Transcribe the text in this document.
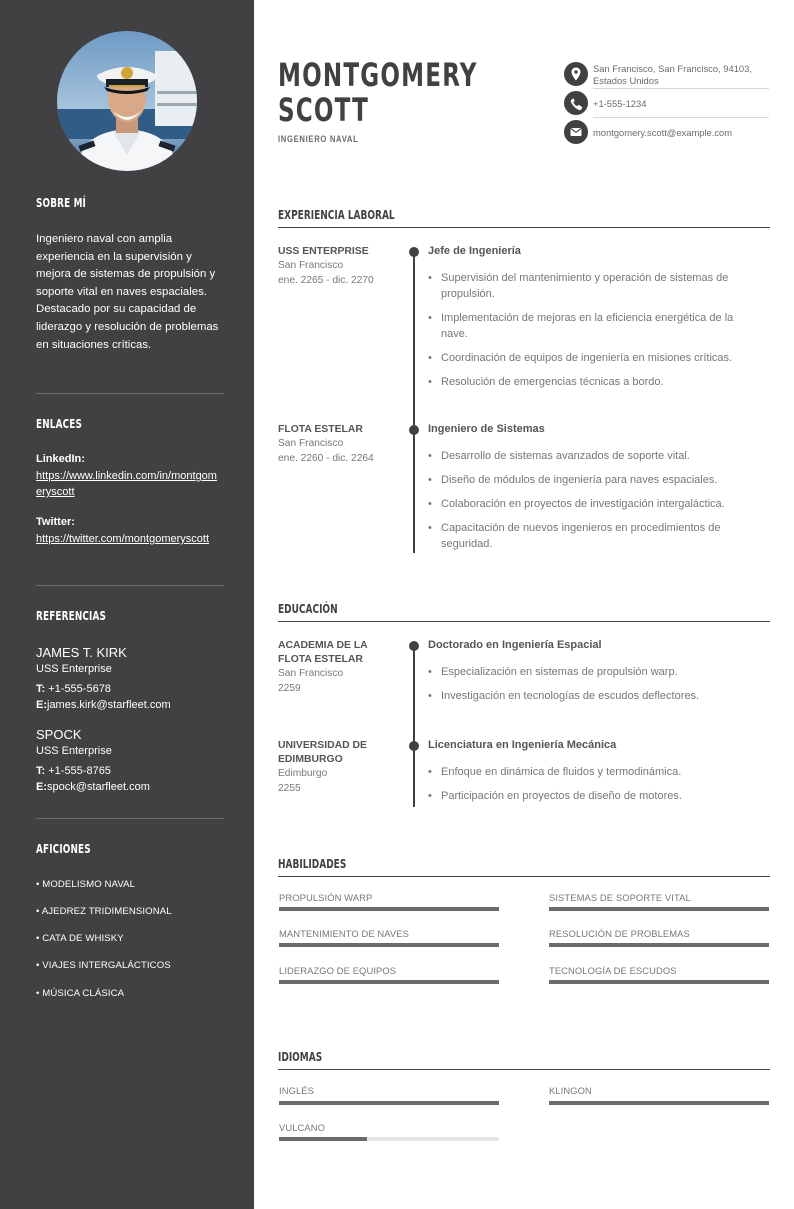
SOBRE MÍ
Ingeniero naval con amplia experiencia en la supervisión y mejora de sistemas de propulsión y soporte vital en naves espaciales. Destacado por su capacidad de liderazgo y resolución de problemas en situaciones críticas.
ENLACES
LinkedIn:
https://www.linkedin.com/in/montgomeryscott
Twitter:
https://twitter.com/montgomeryscott
REFERENCIAS
JAMES T. KIRK
USS Enterprise
T: +1-555-5678
E:james.kirk@starfleet.com
SPOCK
USS Enterprise
T: +1-555-8765
E:spock@starfleet.com
AFICIONES
• MODELISMO NAVAL
• AJEDREZ TRIDIMENSIONAL
• CATA DE WHISKY
• VIAJES INTERGALÁCTICOS
• MÚSICA CLÁSICA
MONTGOMERY
SCOTT
INGENIERO NAVAL
San Francisco, San Francisco, 94103, Estados Unidos
+1-555-1234
montgomery.scott@example.com
EXPERIENCIA LABORAL
USS ENTERPRISE
San Francisco
ene. 2265 - dic. 2270
Jefe de Ingeniería
• Supervisión del mantenimiento y operación de sistemas de propulsión.
• Implementación de mejoras en la eficiencia energética de la nave.
• Coordinación de equipos de ingeniería en misiones críticas.
• Resolución de emergencias técnicas a bordo.
FLOTA ESTELAR
San Francisco
ene. 2260 - dic. 2264
Ingeniero de Sistemas
• Desarrollo de sistemas avanzados de soporte vital.
• Diseño de módulos de ingeniería para naves espaciales.
• Colaboración en proyectos de investigación intergaláctica.
• Capacitación de nuevos ingenieros en procedimientos de seguridad.
EDUCACIÓN
ACADEMIA DE LA FLOTA ESTELAR
San Francisco
2259
Doctorado en Ingeniería Espacial
• Especialización en sistemas de propulsión warp.
• Investigación en tecnologías de escudos deflectores.
UNIVERSIDAD DE EDIMBURGO
Edimburgo
2255
Licenciatura en Ingeniería Mecánica
• Enfoque en dinámica de fluidos y termodinámica.
• Participación en proyectos de diseño de motores.
HABILIDADES
PROPULSIÓN WARP	SISTEMAS DE SOPORTE VITAL
MANTENIMIENTO DE NAVES	RESOLUCIÓN DE PROBLEMAS
LIDERAZGO DE EQUIPOS	TECNOLOGÍA DE ESCUDOS
IDIOMAS
INGLÉS	KLINGON
VULCANO
